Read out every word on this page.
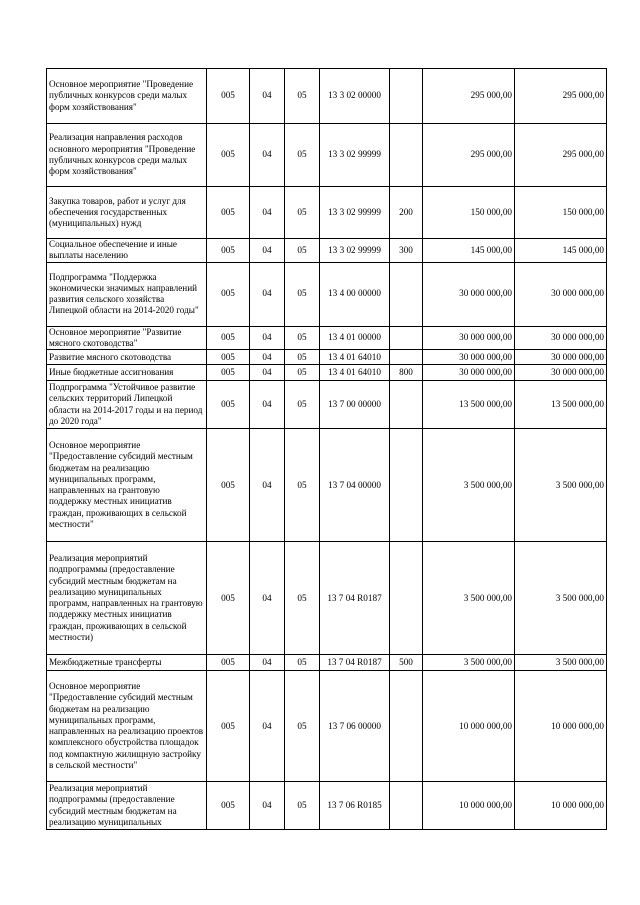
Основное мероприятие "Проведение публичных конкурсов среди малых форм хозяйствования"	005	04	05	13 3 02 00000		295 000,00	295 000,00
Реализация направления расходов основного мероприятия "Проведение публичных конкурсов среди малых форм хозяйствования"	005	04	05	13 3 02 99999		295 000,00	295 000,00
Закупка товаров, работ и услуг для обеспечения государственных (муниципальных) нужд	005	04	05	13 3 02 99999	200	150 000,00	150 000,00
Социальное обеспечение и иные выплаты населению	005	04	05	13 3 02 99999	300	145 000,00	145 000,00
Подпрограмма "Поддержка экономически значимых направлений развития сельского хозяйства Липецкой области на 2014-2020 годы"	005	04	05	13 4 00 00000		30 000 000,00	30 000 000,00
Основное мероприятие "Развитие мясного скотоводства"	005	04	05	13 4 01 00000		30 000 000,00	30 000 000,00
Развитие мясного скотоводства	005	04	05	13 4 01 64010		30 000 000,00	30 000 000,00
Иные бюджетные ассигнования	005	04	05	13 4 01 64010	800	30 000 000,00	30 000 000,00
Подпрограмма "Устойчивое развитие сельских территорий Липецкой области на 2014-2017 годы и на период до 2020 года"	005	04	05	13 7 00 00000		13 500 000,00	13 500 000,00
Основное мероприятие "Предоставление субсидий местным бюджетам на реализацию муниципальных программ, направленных на грантовую поддержку местных инициатив граждан, проживающих в сельской местности"	005	04	05	13 7 04 00000		3 500 000,00	3 500 000,00
Реализация мероприятий подпрограммы (предоставление субсидий местным бюджетам на реализацию муниципальных программ, направленных на грантовую поддержку местных инициатив граждан, проживающих в сельской местности)	005	04	05	13 7 04 R0187		3 500 000,00	3 500 000,00
Межбюджетные трансферты	005	04	05	13 7 04 R0187	500	3 500 000,00	3 500 000,00
Основное мероприятие "Предоставление субсидий местным бюджетам на реализацию муниципальных программ, направленных на реализацию проектов комплексного обустройства площадок под компактную жилищную застройку в сельской местности"	005	04	05	13 7 06 00000		10 000 000,00	10 000 000,00
Реализация мероприятий подпрограммы (предоставление субсидий местным бюджетам на реализацию муниципальных	005	04	05	13 7 06 R0185		10 000 000,00	10 000 000,00
